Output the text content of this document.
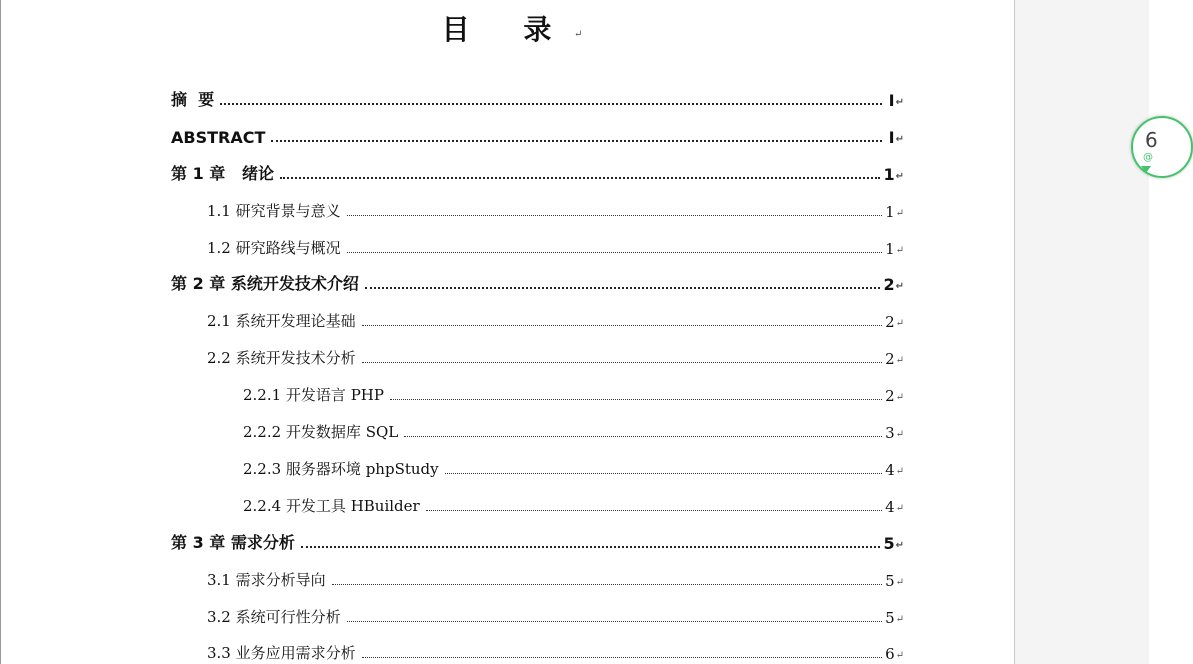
目 录 ↵
摘  要	I ↵
ABSTRACT	I ↵
第 1 章   绪论	1 ↵
1.1 研究背景与意义	1 ↵
1.2 研究路线与概况	1 ↵
第 2 章 系统开发技术介绍	2 ↵
2.1 系统开发理论基础	2 ↵
2.2 系统开发技术分析	2 ↵
2.2.1 开发语言 PHP	2 ↵
2.2.2 开发数据库 SQL	3 ↵
2.2.3 服务器环境 phpStudy	4 ↵
2.2.4 开发工具 HBuilder	4 ↵
第 3 章 需求分析	5 ↵
3.1 需求分析导向	5 ↵
3.2 系统可行性分析	5 ↵
3.3 业务应用需求分析	6 ↵
6
@
